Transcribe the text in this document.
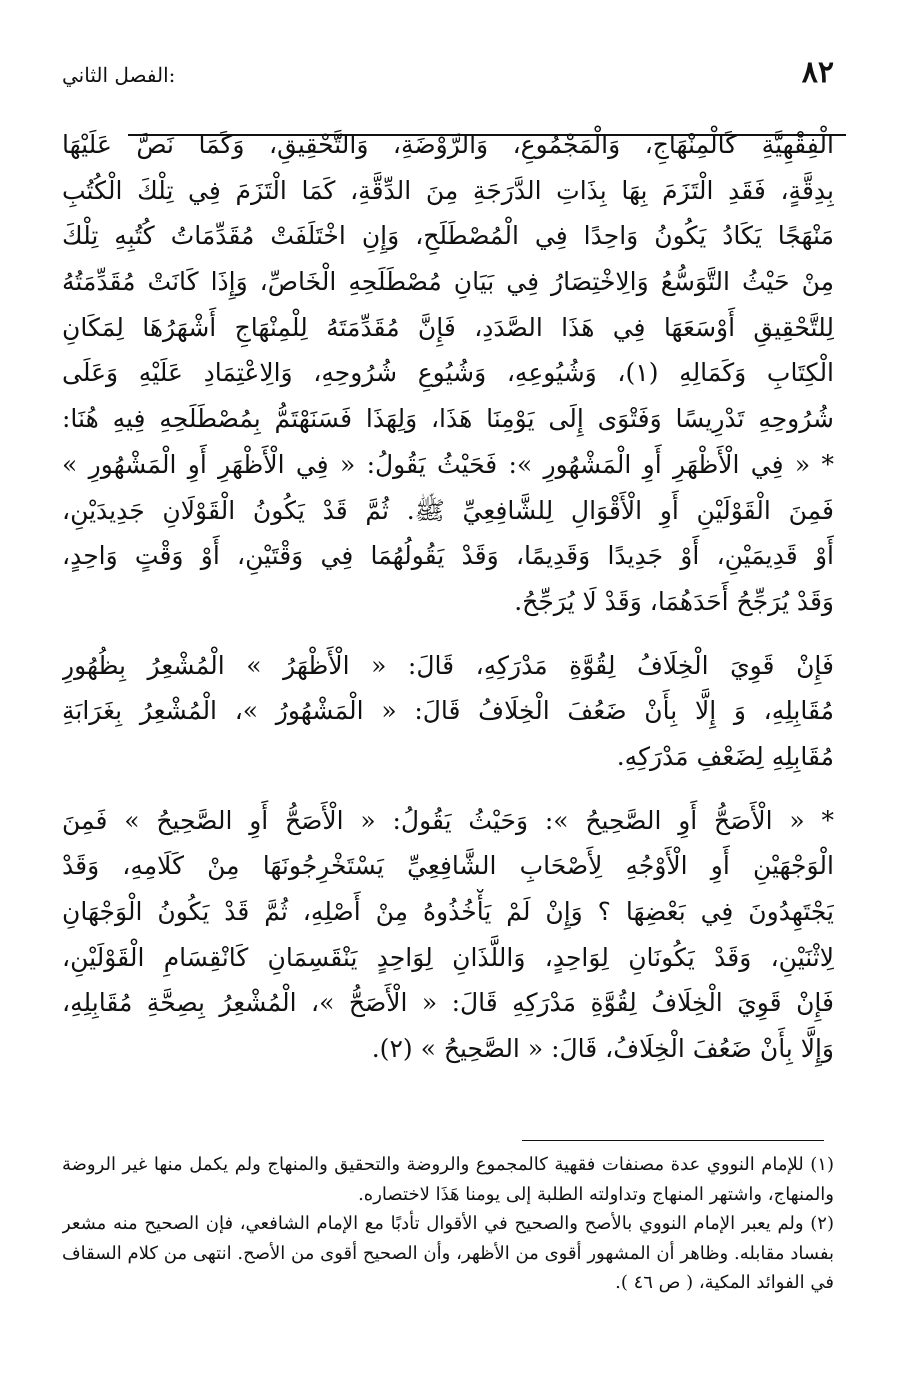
٨٢
الفصل الثاني:
الْفِقْهِيَّةِ كَالْمِنْهَاجِ، وَالْمَجْمُوعِ، وَالرَّوْضَةِ، وَالتَّحْقِيقِ، وَكَمَا نَصَّ عَلَيْهَا
بِدِقَّةٍ، فَقَدِ الْتَزَمَ بِهَا بِذَاتِ الدَّرَجَةِ مِنَ الدِّقَّةِ، كَمَا الْتَزَمَ فِي تِلْكَ الْكُتُبِ
مَنْهَجًا يَكَادُ يَكُونُ وَاحِدًا فِي الْمُصْطَلَحِ، وَإِنِ اخْتَلَفَتْ مُقَدِّمَاتُ كُتُبِهِ تِلْكَ
مِنْ حَيْثُ التَّوَسُّعُ وَالِاخْتِصَارُ فِي بَيَانِ مُصْطَلَحِهِ الْخَاصِّ، وَإِذَا كَانَتْ مُقَدِّمَتُهُ
لِلتَّحْقِيقِ أَوْسَعَهَا فِي هَذَا الصَّدَدِ، فَإِنَّ مُقَدِّمَتَهُ لِلْمِنْهَاجِ أَشْهَرُهَا لِمَكَانِ
الْكِتَابِ وَكَمَالِهِ (١)، وَشُيُوعِهِ، وَشُيُوعِ شُرُوحِهِ، وَالِاعْتِمَادِ عَلَيْهِ وَعَلَى
شُرُوحِهِ تَدْرِيسًا وَفَتْوَى إِلَى يَوْمِنَا هَذَا، وَلِهَذَا فَسَنَهْتَمُّ بِمُصْطَلَحِهِ فِيهِ هُنَا:
* « فِي الْأَظْهَرِ أَوِ الْمَشْهُورِ »: فَحَيْثُ يَقُولُ: « فِي الْأَظْهَرِ أَوِ الْمَشْهُورِ »
فَمِنَ الْقَوْلَيْنِ أَوِ الْأَقْوَالِ لِلشَّافِعِيِّ ﷺ. ثُمَّ قَدْ يَكُونُ الْقَوْلَانِ جَدِيدَيْنِ،
أَوْ قَدِيمَيْنِ، أَوْ جَدِيدًا وَقَدِيمًا، وَقَدْ يَقُولُهُمَا فِي وَقْتَيْنِ، أَوْ وَقْتٍ وَاحِدٍ،
وَقَدْ يُرَجِّحُ أَحَدَهُمَا، وَقَدْ لَا يُرَجِّحُ.
فَإِنْ قَوِيَ الْخِلَافُ لِقُوَّةِ مَدْرَكِهِ، قَالَ: « الْأَظْهَرُ » الْمُشْعِرُ بِظُهُورِ
مُقَابِلِهِ، وَ إِلَّا بِأَنْ ضَعُفَ الْخِلَافُ قَالَ: « الْمَشْهُورُ »، الْمُشْعِرُ بِغَرَابَةِ
مُقَابِلِهِ لِضَعْفِ مَدْرَكِهِ.
* « الْأَصَحُّ أَوِ الصَّحِيحُ »: وَحَيْثُ يَقُولُ: « الْأَصَحُّ أَوِ الصَّحِيحُ » فَمِنَ
الْوَجْهَيْنِ أَوِ الْأَوْجُهِ لِأَصْحَابِ الشَّافِعِيِّ يَسْتَخْرِجُونَهَا مِنْ كَلَامِهِ، وَقَدْ
يَجْتَهِدُونَ فِي بَعْضِهَا ؟ وَإِنْ لَمْ يَأْخُذُوهُ مِنْ أَصْلِهِ، ثُمَّ قَدْ يَكُونُ الْوَجْهَانِ
لِاثْنَيْنِ، وَقَدْ يَكُونَانِ لِوَاحِدٍ، وَاللَّذَانِ لِوَاحِدٍ يَنْقَسِمَانِ كَانْقِسَامِ الْقَوْلَيْنِ،
فَإِنْ قَوِيَ الْخِلَافُ لِقُوَّةِ مَدْرَكِهِ قَالَ: « الْأَصَحُّ »، الْمُشْعِرُ بِصِحَّةِ مُقَابِلِهِ،
وَإِلَّا بِأَنْ ضَعُفَ الْخِلَافُ، قَالَ: « الصَّحِيحُ » (٢).
(١) للإمام النووي عدة مصنفات فقهية كالمجموع والروضة والتحقيق والمنهاج ولم يكمل منها غير الروضة
والمنهاج، واشتهر المنهاج وتداولته الطلبة إلى يومنا هَذَا لاختصاره.
(٢) ولم يعبر الإمام النووي بالأصح والصحيح في الأقوال تأدبًا مع الإمام الشافعي، فإن الصحيح منه مشعر
بفساد مقابله. وظاهر أن المشهور أقوى من الأظهر، وأن الصحيح أقوى من الأصح. انتهى من كلام السقاف
في الفوائد المكية، ( ص ٤٦ ).
